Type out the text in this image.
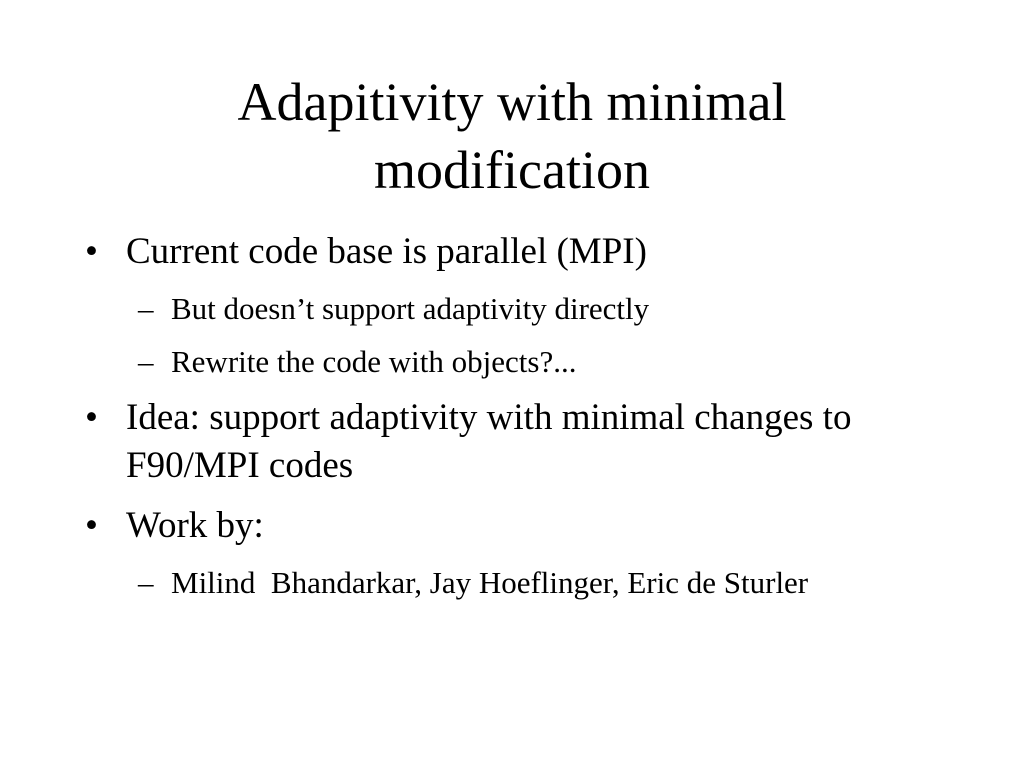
Adapitivity with minimal modification

• Current code base is parallel (MPI)

– But doesn’t support adaptivity directly

– Rewrite the code with objects?...

• Idea: support adaptivity with minimal changes to F90/MPI codes

• Work by:

– Milind  Bhandarkar, Jay Hoeflinger, Eric de Sturler
